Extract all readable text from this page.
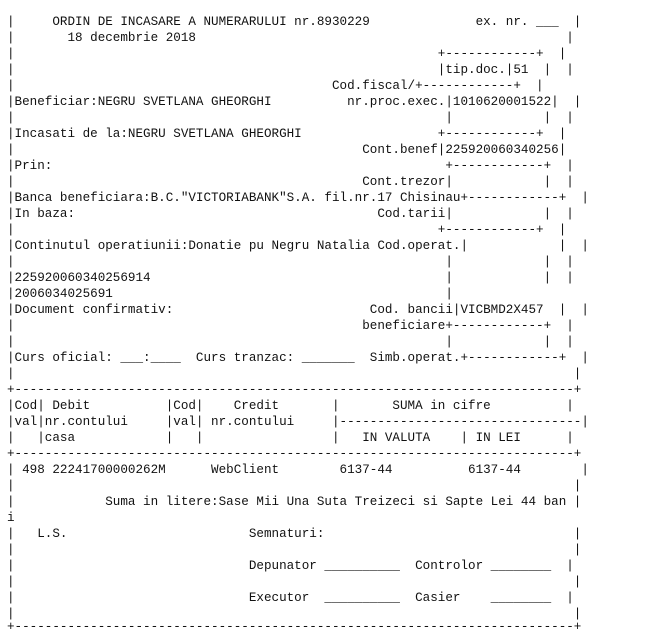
|     ORDIN DE INCASARE A NUMERARULUI nr.8930229              ex. nr. ___  |
|       18 decembrie 2018                                                 |
|                                                        +------------+  |
|                                                        |tip.doc.|51  |  |
|                                          Cod.fiscal/+------------+  |
|Beneficiar:NEGRU SVETLANA GHEORGHI          nr.proc.exec.|1010620001522|  |
|                                                         |            |  |
|Incasati de la:NEGRU SVETLANA GHEORGHI                  +------------+  |
|                                              Cont.benef|225920060340256|
|Prin:                                                    +------------+  |
|                                              Cont.trezor|            |  |
|Banca beneficiara:B.C."VICTORIABANK"S.A. fil.nr.17 Chisinau+------------+  |
|In baza:                                        Cod.tarii|            |  |
|                                                        +------------+  |
|Continutul operatiunii:Donatie pu Negru Natalia Cod.operat.|            |  |
|                                                         |            |  |
|225920060340256914                                       |            |  |
|2006034025691                                            |
|Document confirmativ:                          Cod. bancii|VICBMD2X457  |  |
|                                              beneficiare+------------+  |
|                                                         |            |  |
|Curs oficial: ___:____  Curs tranzac: _______  Simb.operat.+------------+  |
|                                                                          |
+--------------------------------------------------------------------------+
|Cod| Debit          |Cod|    Credit       |       SUMA in cifre          |
|val|nr.contului     |val| nr.contului     |--------------------------------|
|   |casa            |   |                 |   IN VALUTA    | IN LEI      |
+--------------------------------------------------------------------------+
| 498 22241700000262M      WebClient        6137-44          6137-44        |
|                                                                          |
|            Suma in litere:Sase Mii Una Suta Treizeci si Sapte Lei 44 ban |
i
|   L.S.                        Semnaturi:                                 |
|                                                                          |
|                               Depunator __________  Controlor ________  |
|                                                                          |
|                               Executor  __________  Casier    ________  |
|                                                                          |
+--------------------------------------------------------------------------+
